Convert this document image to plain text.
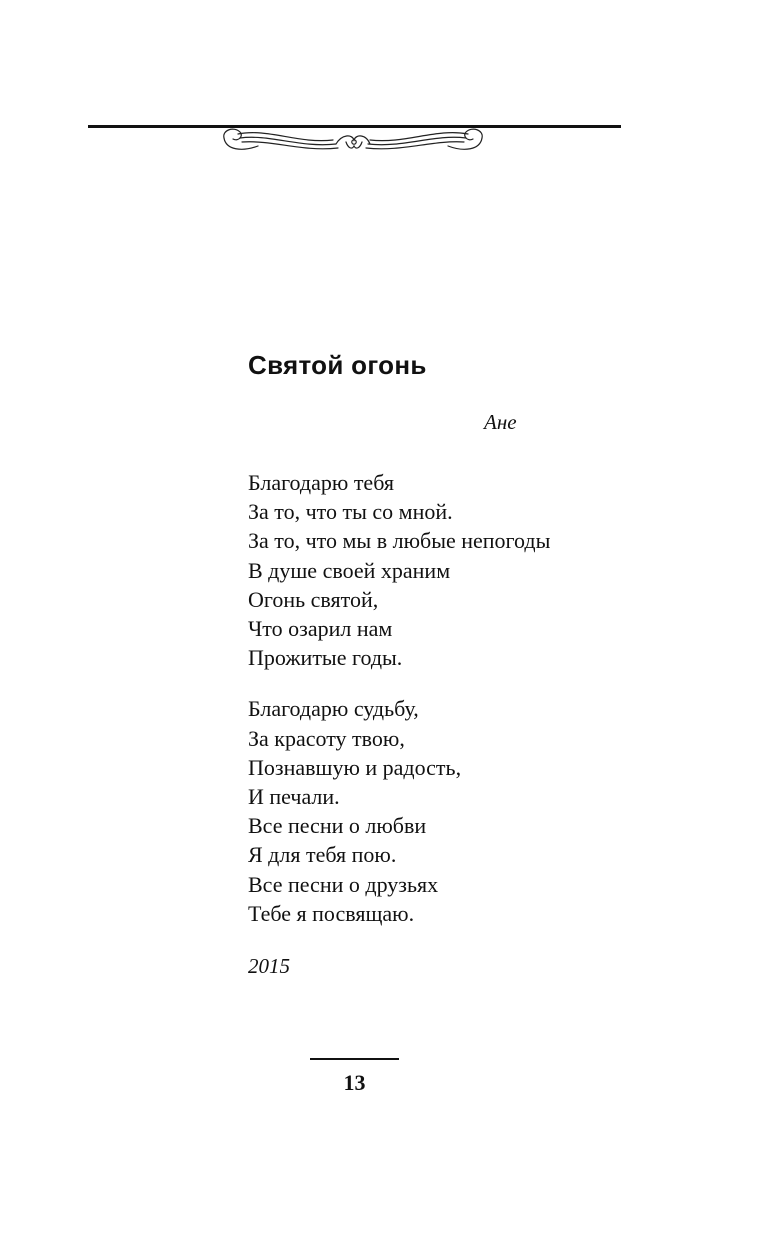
Святой огонь
Ане
Благодарю тебя
За то, что ты со мной.
За то, что мы в любые непогоды
В душе своей храним
Огонь святой,
Что озарил нам
Прожитые годы.
Благодарю судьбу,
За красоту твою,
Познавшую и радость,
И печали.
Все песни о любви
Я для тебя пою.
Все песни о друзьях
Тебе я посвящаю.
2015
13
